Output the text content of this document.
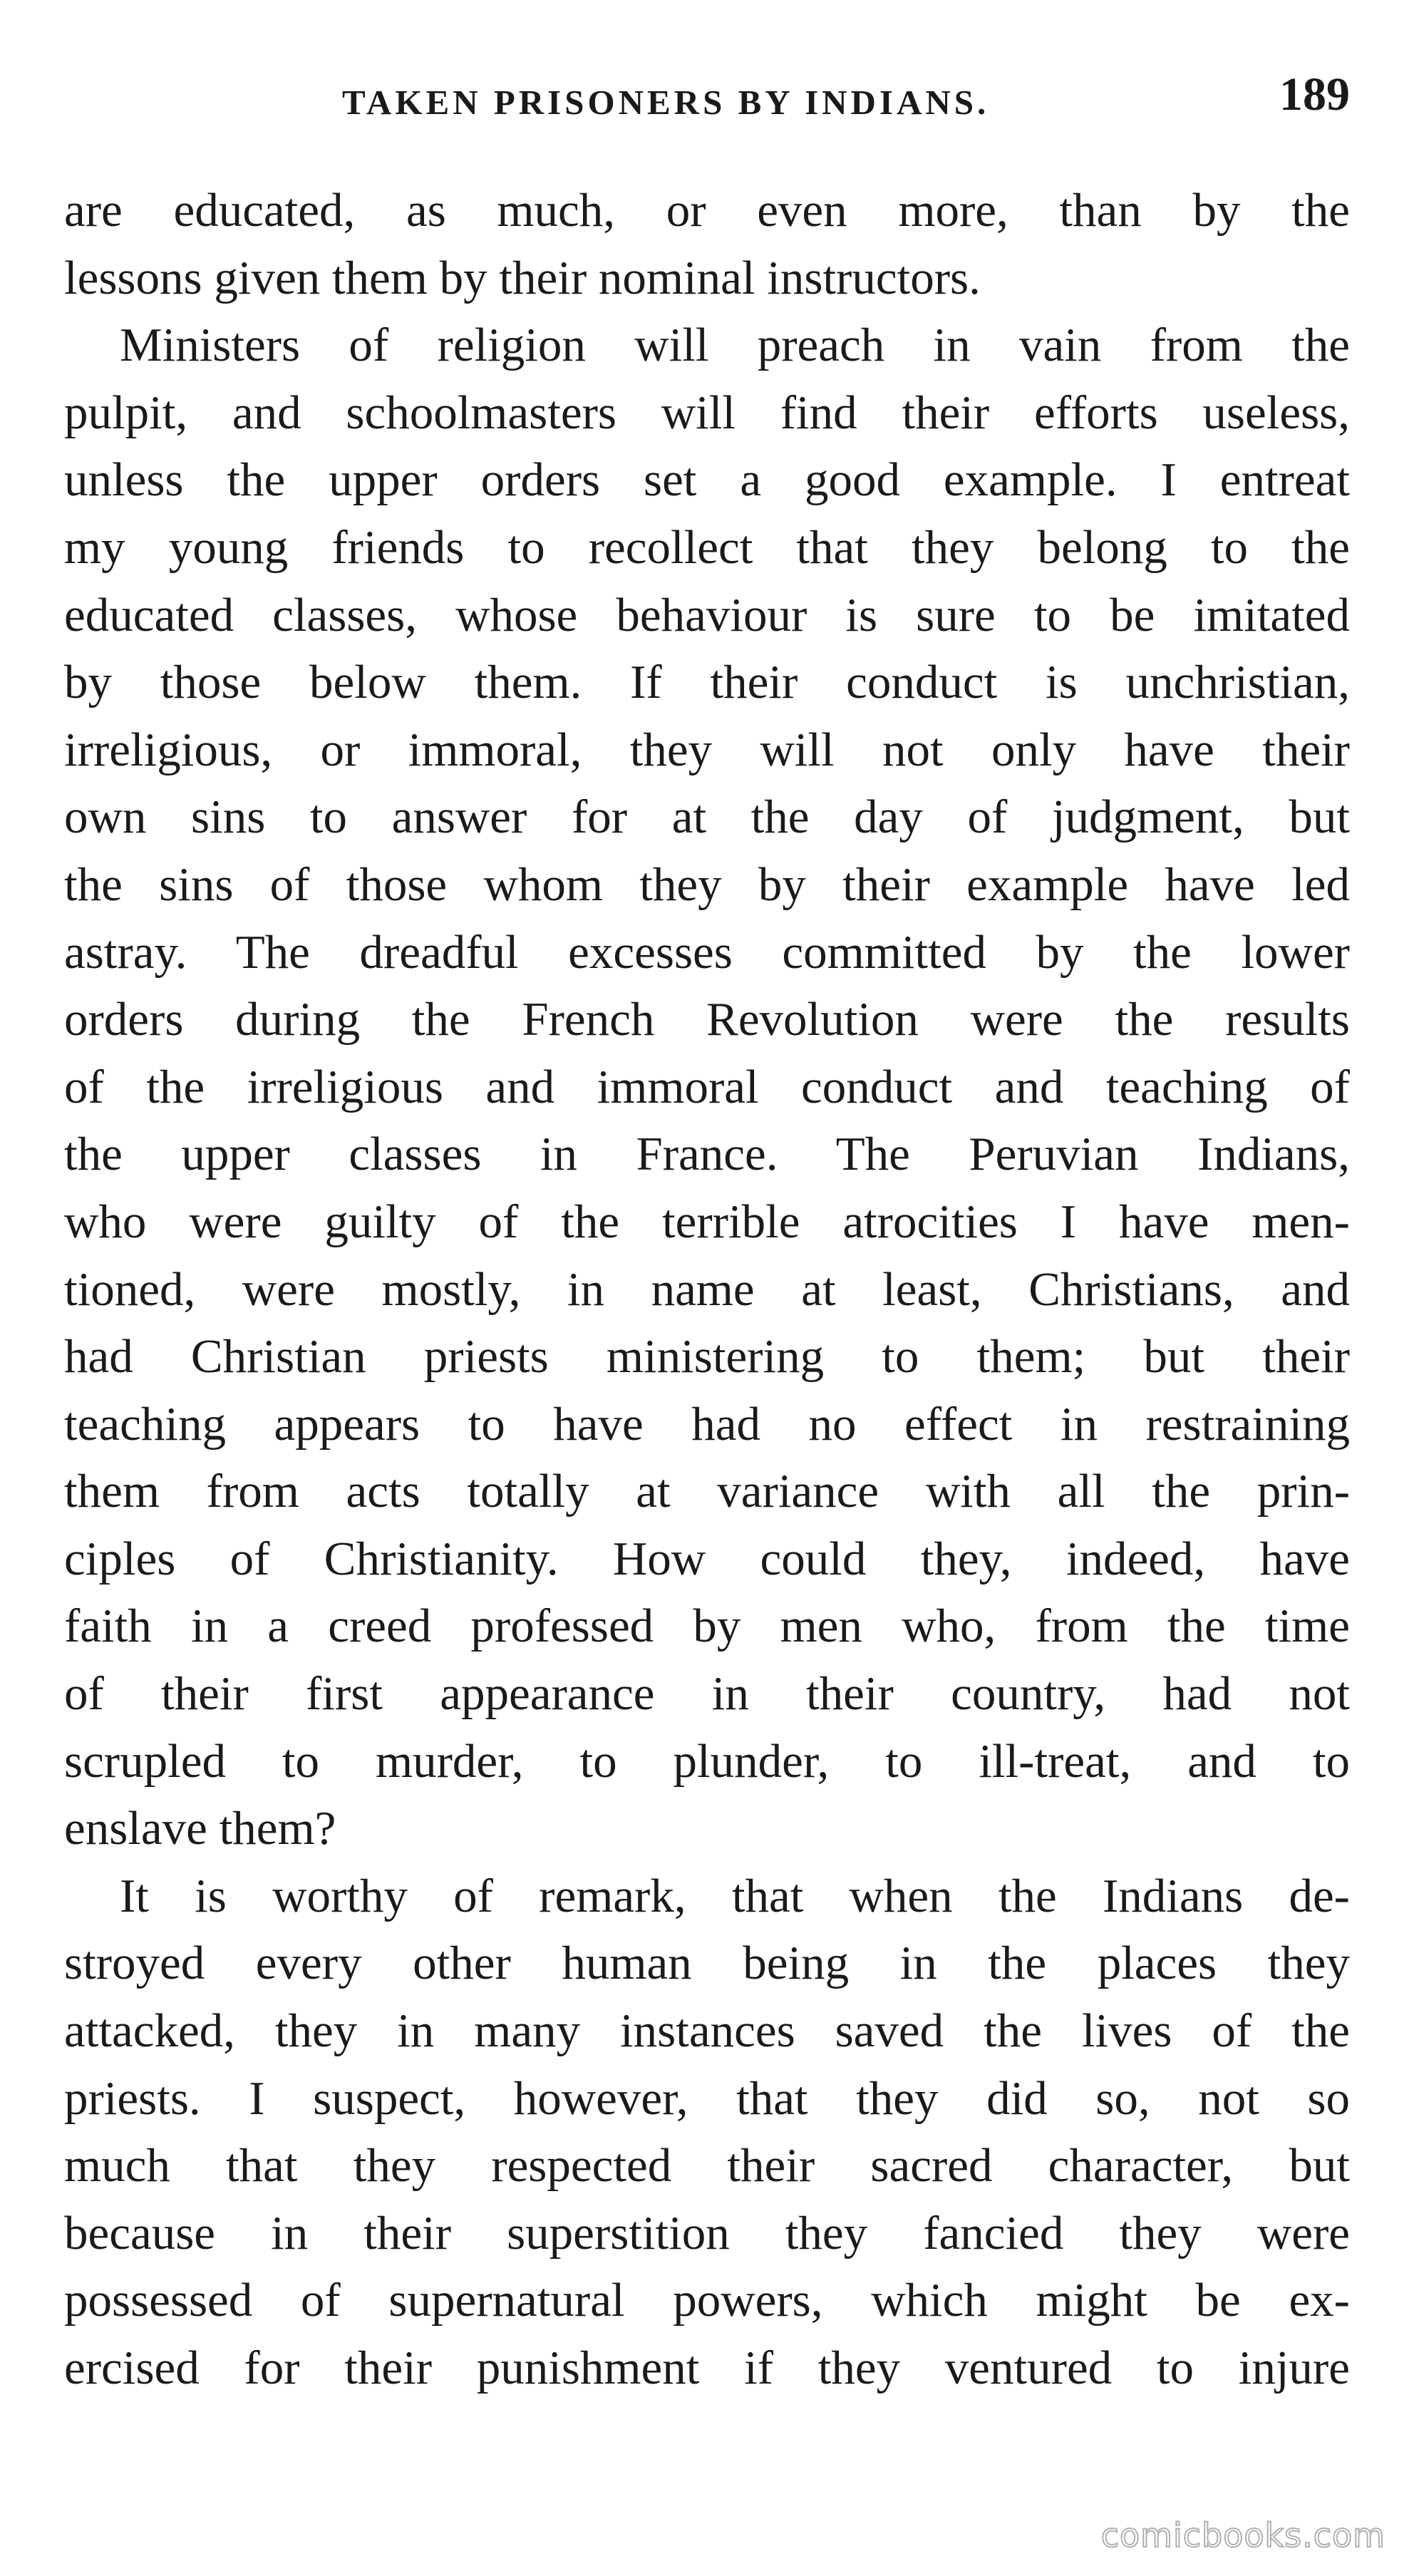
TAKEN PRISONERS BY INDIANS.	189
are educated, as much, or even more, than by the
lessons given them by their nominal instructors.
Ministers of religion will preach in vain from the
pulpit, and schoolmasters will find their efforts useless,
unless the upper orders set a good example. I entreat
my young friends to recollect that they belong to the
educated classes, whose behaviour is sure to be imitated
by those below them. If their conduct is unchristian,
irreligious, or immoral, they will not only have their
own sins to answer for at the day of judgment, but
the sins of those whom they by their example have led
astray. The dreadful excesses committed by the lower
orders during the French Revolution were the results
of the irreligious and immoral conduct and teaching of
the upper classes in France. The Peruvian Indians,
who were guilty of the terrible atrocities I have men-
tioned, were mostly, in name at least, Christians, and
had Christian priests ministering to them; but their
teaching appears to have had no effect in restraining
them from acts totally at variance with all the prin-
ciples of Christianity. How could they, indeed, have
faith in a creed professed by men who, from the time
of their first appearance in their country, had not
scrupled to murder, to plunder, to ill-treat, and to
enslave them?
It is worthy of remark, that when the Indians de-
stroyed every other human being in the places they
attacked, they in many instances saved the lives of the
priests. I suspect, however, that they did so, not so
much that they respected their sacred character, but
because in their superstition they fancied they were
possessed of supernatural powers, which might be ex-
ercised for their punishment if they ventured to injure
comicbooks.com
